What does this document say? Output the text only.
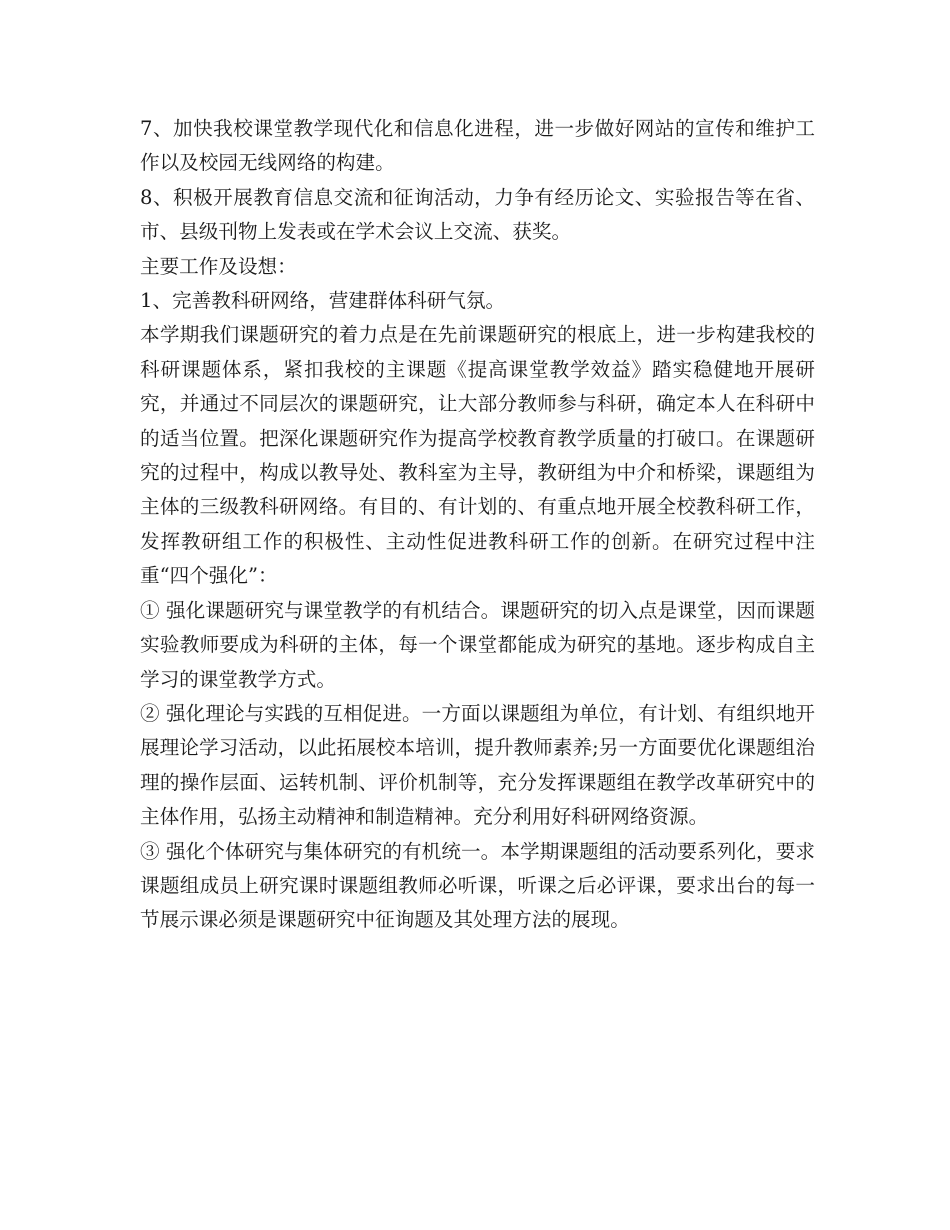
7、加快我校课堂教学现代化和信息化进程，进一步做好网站的宣传和维护工作以及校园无线网络的构建。

8、积极开展教育信息交流和征询活动，力争有经历论文、实验报告等在省、市、县级刊物上发表或在学术会议上交流、获奖。

主要工作及设想：

1、完善教科研网络，营建群体科研气氛。

本学期我们课题研究的着力点是在先前课题研究的根底上，进一步构建我校的科研课题体系，紧扣我校的主课题《提高课堂教学效益》踏实稳健地开展研究，并通过不同层次的课题研究，让大部分教师参与科研，确定本人在科研中的适当位置。把深化课题研究作为提高学校教育教学质量的打破口。在课题研究的过程中，构成以教导处、教科室为主导，教研组为中介和桥梁，课题组为主体的三级教科研网络。有目的、有计划的、有重点地开展全校教科研工作，发挥教研组工作的积极性、主动性促进教科研工作的创新。在研究过程中注重“四个强化”：

① 强化课题研究与课堂教学的有机结合。课题研究的切入点是课堂，因而课题实验教师要成为科研的主体，每一个课堂都能成为研究的基地。逐步构成自主学习的课堂教学方式。

② 强化理论与实践的互相促进。一方面以课题组为单位，有计划、有组织地开展理论学习活动，以此拓展校本培训，提升教师素养;另一方面要优化课题组治理的操作层面、运转机制、评价机制等，充分发挥课题组在教学改革研究中的主体作用，弘扬主动精神和制造精神。充分利用好科研网络资源。

③ 强化个体研究与集体研究的有机统一。本学期课题组的活动要系列化，要求课题组成员上研究课时课题组教师必听课，听课之后必评课，要求出台的每一节展示课必须是课题研究中征询题及其处理方法的展现。
